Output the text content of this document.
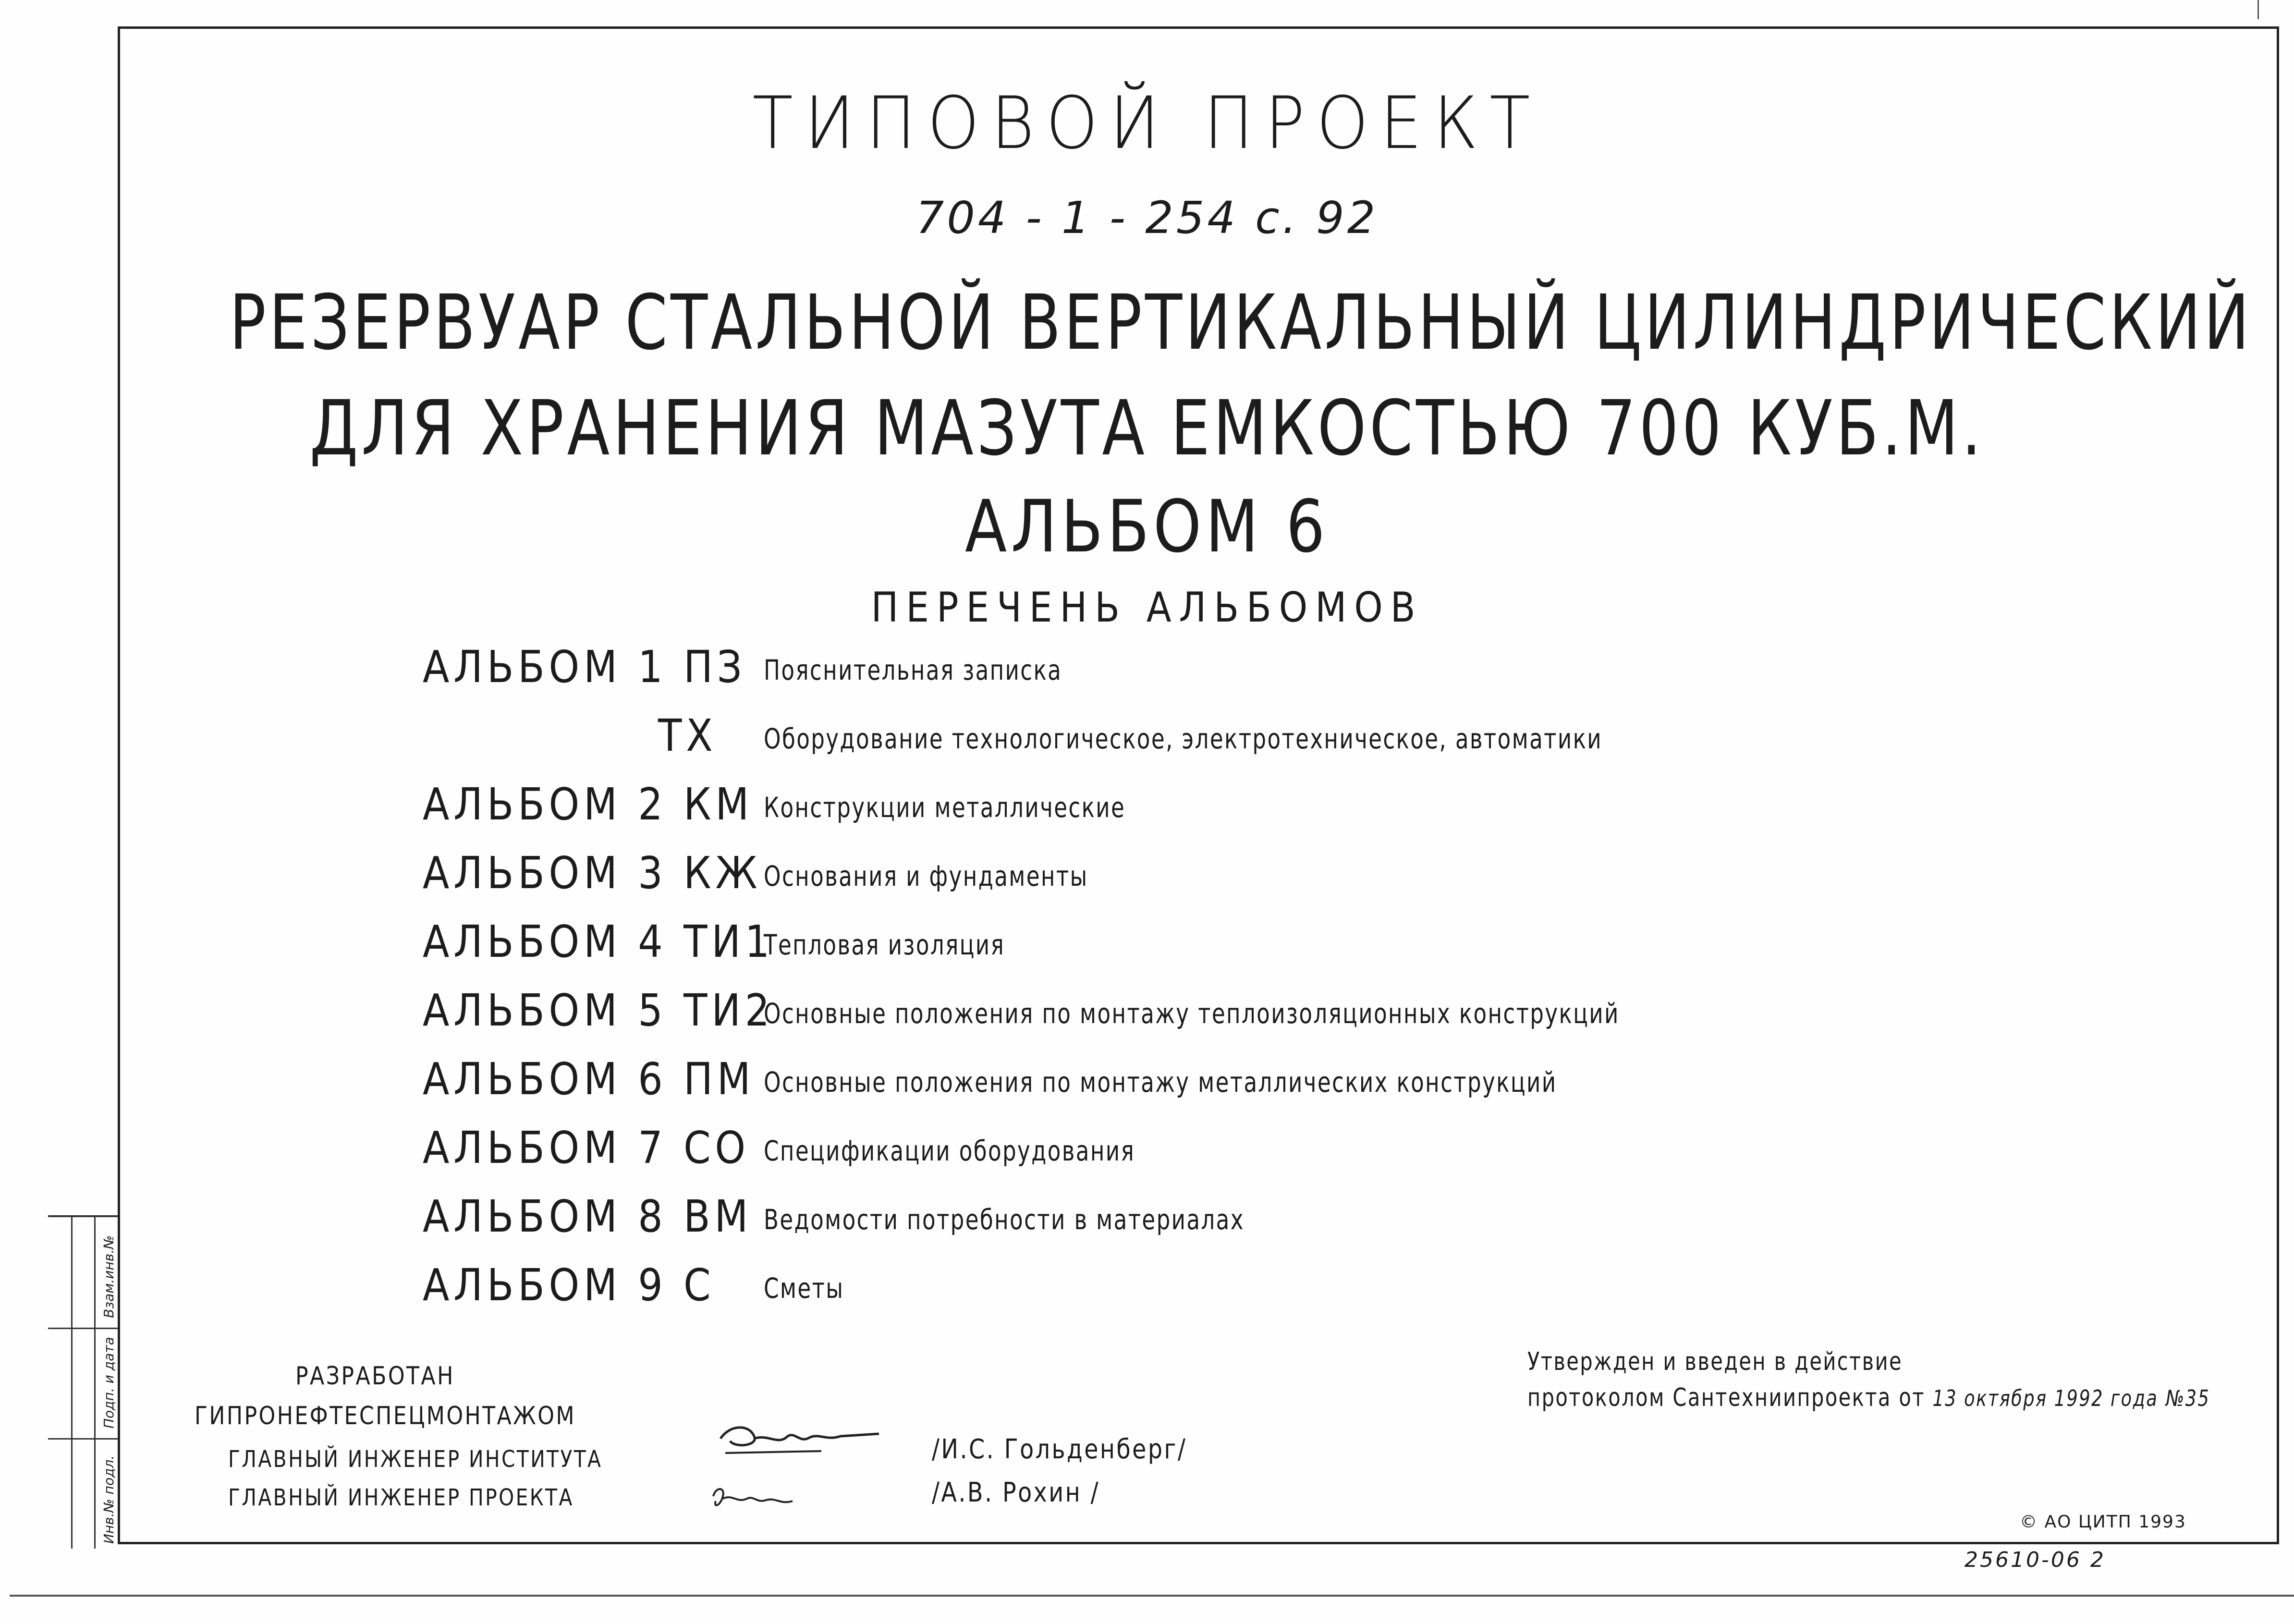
Взам.инв.№
Подп. и дата
Инв.№ подл.
ТИПОВОЙ ПРОЕКТ
704 - 1 - 254 с. 92
РЕЗЕРВУАР СТАЛЬНОЙ ВЕРТИКАЛЬНЫЙ ЦИЛИНДРИЧЕСКИЙ
ДЛЯ ХРАНЕНИЯ МАЗУТА ЕМКОСТЬЮ 700 КУБ.М.
АЛЬБОМ 6
ПЕРЕЧЕНЬ АЛЬБОМОВ
АЛЬБОМ 1 ПЗ Пояснительная записка
ТХ	Оборудование технологическое, электротехническое, автоматики
АЛЬБОМ 2 КМ Конструкции металлические
АЛЬБОМ 3 КЖ Основания и фундаменты
АЛЬБОМ 4 ТИ1
Тепловая изоляция
АЛЬБОМ 5 ТИ2
Основные положения по монтажу теплоизоляционных конструкций
АЛЬБОМ 6 ПМ Основные положения по монтажу металлических конструкций
АЛЬБОМ 7 СО Спецификации оборудования
АЛЬБОМ 8 ВМ Ведомости потребности в материалах
АЛЬБОМ 9 С	Сметы
РАЗРАБОТАН
ГИПРОНЕФТЕСПЕЦМОНТАЖОМ
ГЛАВНЫЙ ИНЖЕНЕР ИНСТИТУТА
ГЛАВНЫЙ ИНЖЕНЕР ПРОЕКТА
/И.С. Гольденберг/
/А.В. Рохин /
Утвержден и введен в действие
протоколом Сантехниипроекта от 13 октября 1992 года №35
© АО ЦИТП 1993
25610-06 2
